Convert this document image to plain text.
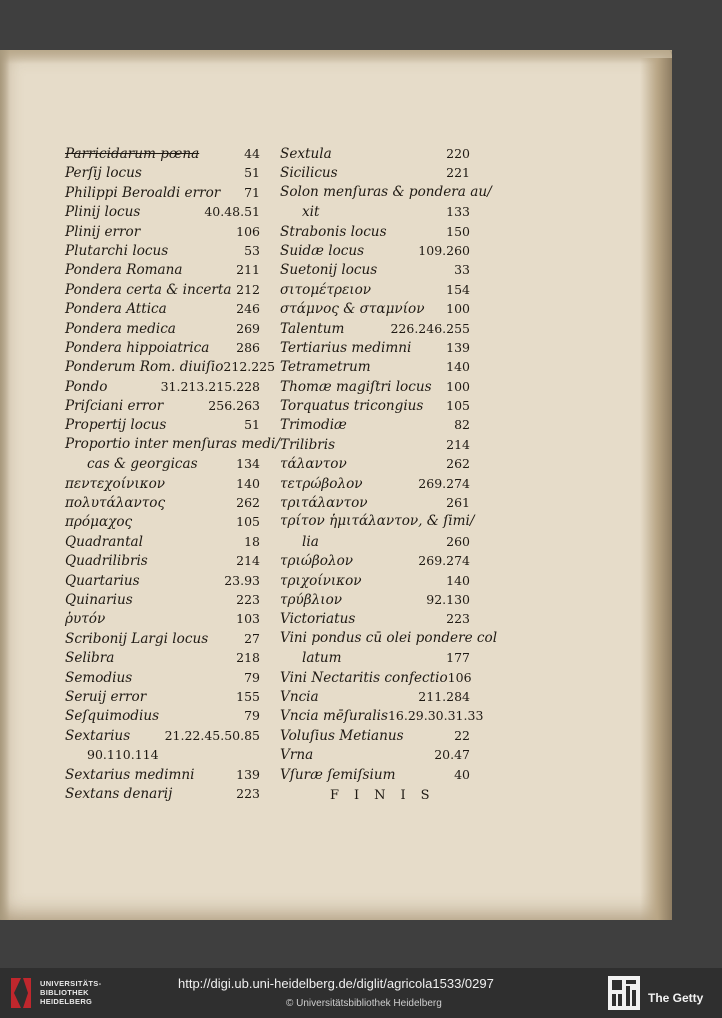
Parricidarum pœna	44
Perſij locus	51
Philippi Beroaldi error 71
Plinij locus	40.48.51
Plinij error	106
Plutarchi locus	53
Pondera Romana	211
Pondera certa & incerta 212
Pondera Attica	246
Pondera medica	269
Pondera hippoiatrica 286
Ponderum Rom. diuiſio 212.225
Pondo	31.213.215.228
Priſciani error	256.263
Propertij locus	51
Proportio inter menſuras medi/
cas & georgicas	134
πεντεχοίνικον	140
πολυτάλαντος	262
πρόμαχος	105
Quadrantal	18
Quadrilibris	214
Quartarius	23.93
Quinarius	223
ῥυτόν	103
Scribonij Largi locus	27
Selibra	218
Semodius	79
Seruij error	155
Seſquimodius	79
Sextarius	21.22.45.50.85
90.110.114
Sextarius medimni	139
Sextans denarij	223
Sextula	220
Sicilicus	221
Solon menſuras & pondera au/
xit	133
Strabonis locus	150
Suidæ locus	109.260
Suetonij locus	33
σιτομέτρειον	154
στάμνος & σταμνίον 100
Talentum	226.246.255
Tertiarius medimni	139
Tetrametrum	140
Thomæ magiſtri locus 100
Torquatus tricongius 105
Trimodiæ	82
Trilibris	214
τάλαντον	262
τετρώβολον	269.274
τριτάλαντον	261
τρίτον ἡμιτάλαντον, & ſimi/
lia	260
τριώβολον	269.274
τριχοίνικον	140
τρύβλιον	92.130
Victoriatus	223
Vini pondus cū olei pondere col
latum	177
Vini Nectaritis confectio 106
Vncia	211.284
Vncia mēſuralis 16.29.30.31.33
Voluſius Metianus	22
Vrna	20.47
Vſuræ ſemiſsium	40
FINIS
UNIVERSITÄTS-
BIBLIOTHEK
HEIDELBERG
http://digi.ub.uni-heidelberg.de/diglit/agricola1533/0297
© Universitätsbibliothek Heidelberg	The Getty
